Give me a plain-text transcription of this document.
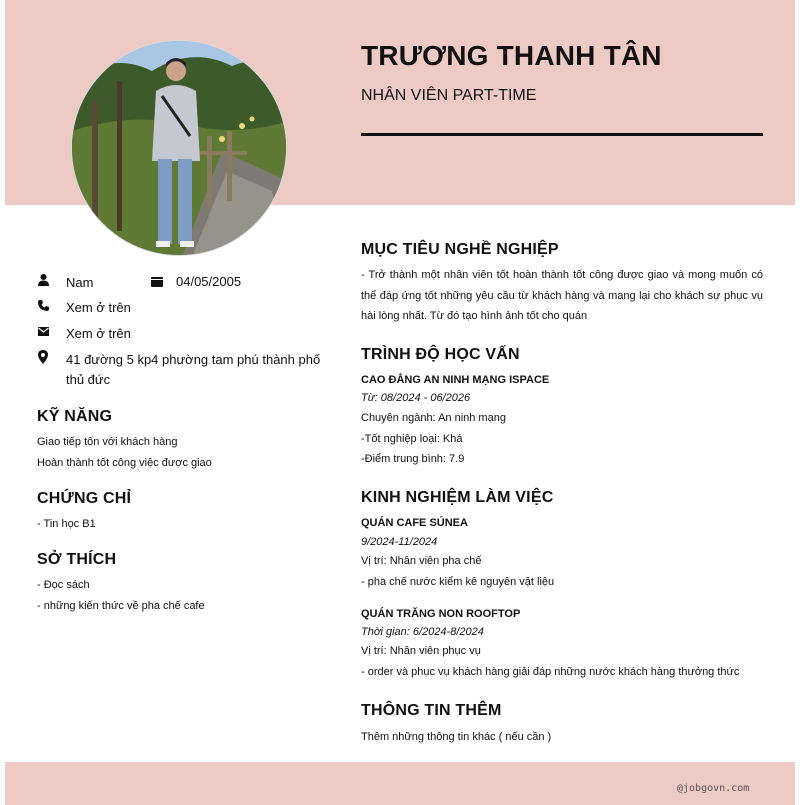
TRƯƠNG THANH TÂN
NHÂN VIÊN PART-TIME
Nam	04/05/2005
Xem ở trên
Xem ở trên
41 đường 5 kp4 phường tam phú thành phố thủ đức
KỸ NĂNG
Giao tiếp tốn với khách hàng
Hoàn thành tốt công việc được giao
CHỨNG CHỈ
- Tin học B1
SỞ THÍCH
- Đọc sách
- những kiến thức về pha chế cafe
MỤC TIÊU NGHỀ NGHIỆP
- Trở thành một nhân viên tốt hoàn thành tốt công được giao và mong muốn có thể đáp ứng tốt những yêu cầu từ khách hàng và mang lại cho khách sự phục vụ hài lòng nhất. Từ đó tạo hình ảnh tốt cho quán
TRÌNH ĐỘ HỌC VẤN
CAO ĐẲNG AN NINH MẠNG ISPACE
Từ: 08/2024 - 06/2026
Chuyên ngành: An ninh mạng
-Tốt nghiệp loại: Khá
-Điểm trung bình: 7.9
KINH NGHIỆM LÀM VIỆC
QUÁN CAFE SÚNEA
9/2024-11/2024
Vị trí: Nhân viên pha chế
- pha chế nước kiểm kê nguyên vật liệu
QUÁN TRĂNG NON ROOFTOP
Thời gian: 6/2024-8/2024
Vị trí: Nhân viên phục vụ
- order và phục vụ khách hàng giải đáp những nước khách hàng thưởng thức
THÔNG TIN THÊM
Thêm những thông tin khác ( nếu cần )
@jobgovn.com
